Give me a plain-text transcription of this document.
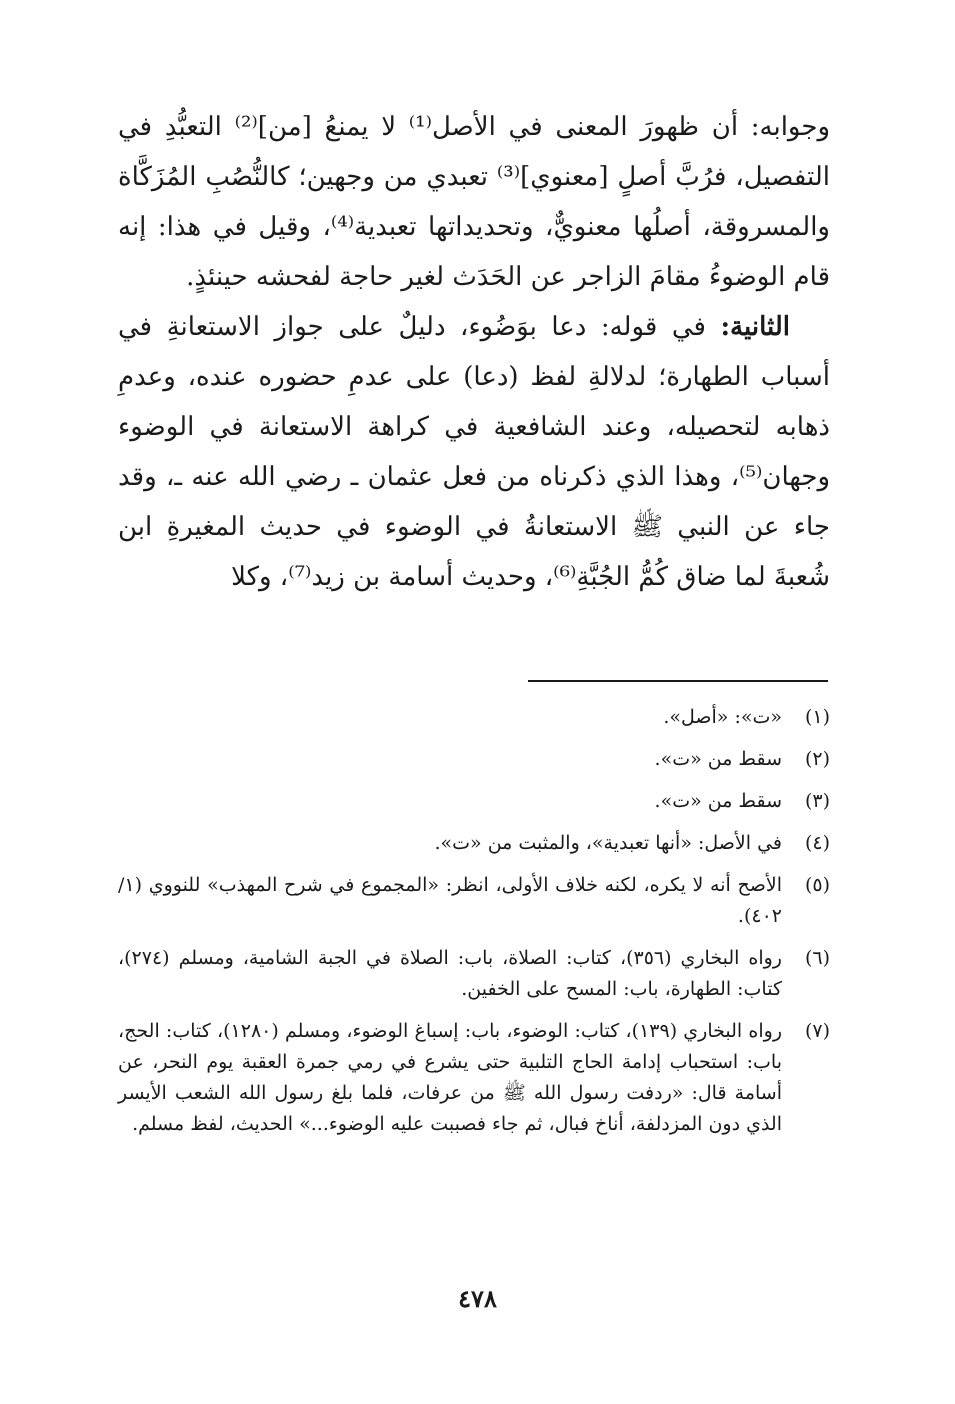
وجوابه: أن ظهورَ المعنى في الأصل⁽¹⁾ لا يمنعُ [من]⁽²⁾ التعبُّدِ في التفصيل، فرُبَّ أصلٍ [معنوي]⁽³⁾ تعبدي من وجهين؛ كالنُّصُبِ المُزَكَّاة والمسروقة، أصلُها معنويٌّ، وتحديداتها تعبدية⁽⁴⁾، وقيل في هذا: إنه قام الوضوءُ مقامَ الزاجر عن الحَدَث لغير حاجة لفحشه حينئذٍ.

الثانية: في قوله: دعا بوَضُوء، دليلٌ على جواز الاستعانةِ في أسباب الطهارة؛ لدلالةِ لفظ (دعا) على عدمِ حضوره عنده، وعدمِ ذهابه لتحصيله، وعند الشافعية في كراهة الاستعانة في الوضوء وجهان⁽⁵⁾، وهذا الذي ذكرناه من فعل عثمان ـ رضي الله عنه ـ، وقد جاء عن النبي ﷺ الاستعانةُ في الوضوء في حديث المغيرةِ ابن شُعبةَ لما ضاق كُمُّ الجُبَّةِ⁽⁶⁾، وحديث أسامة بن زيد⁽⁷⁾، وكلا

(١)
«ت»: «أصل».
(٢)
سقط من «ت».
(٣)
سقط من «ت».
(٤)
في الأصل: «أنها تعبدية»، والمثبت من «ت».
(٥)
الأصح أنه لا يكره، لكنه خلاف الأولى، انظر: «المجموع في شرح المهذب» للنووي (١/ ٤٠٢).
(٦)
رواه البخاري (٣٥٦)، كتاب: الصلاة، باب: الصلاة في الجبة الشامية، ومسلم (٢٧٤)، كتاب: الطهارة، باب: المسح على الخفين.
(٧)
رواه البخاري (١٣٩)، كتاب: الوضوء، باب: إسباغ الوضوء، ومسلم (١٢٨٠)، كتاب: الحج، باب: استحباب إدامة الحاج التلبية حتى يشرع في رمي جمرة العقبة يوم النحر، عن أسامة قال: «ردفت رسول الله ﷺ من عرفات، فلما بلغ رسول الله الشعب الأيسر الذي دون المزدلفة، أناخ فبال، ثم جاء فصببت عليه الوضوء...» الحديث، لفظ مسلم.
٤٧٨
